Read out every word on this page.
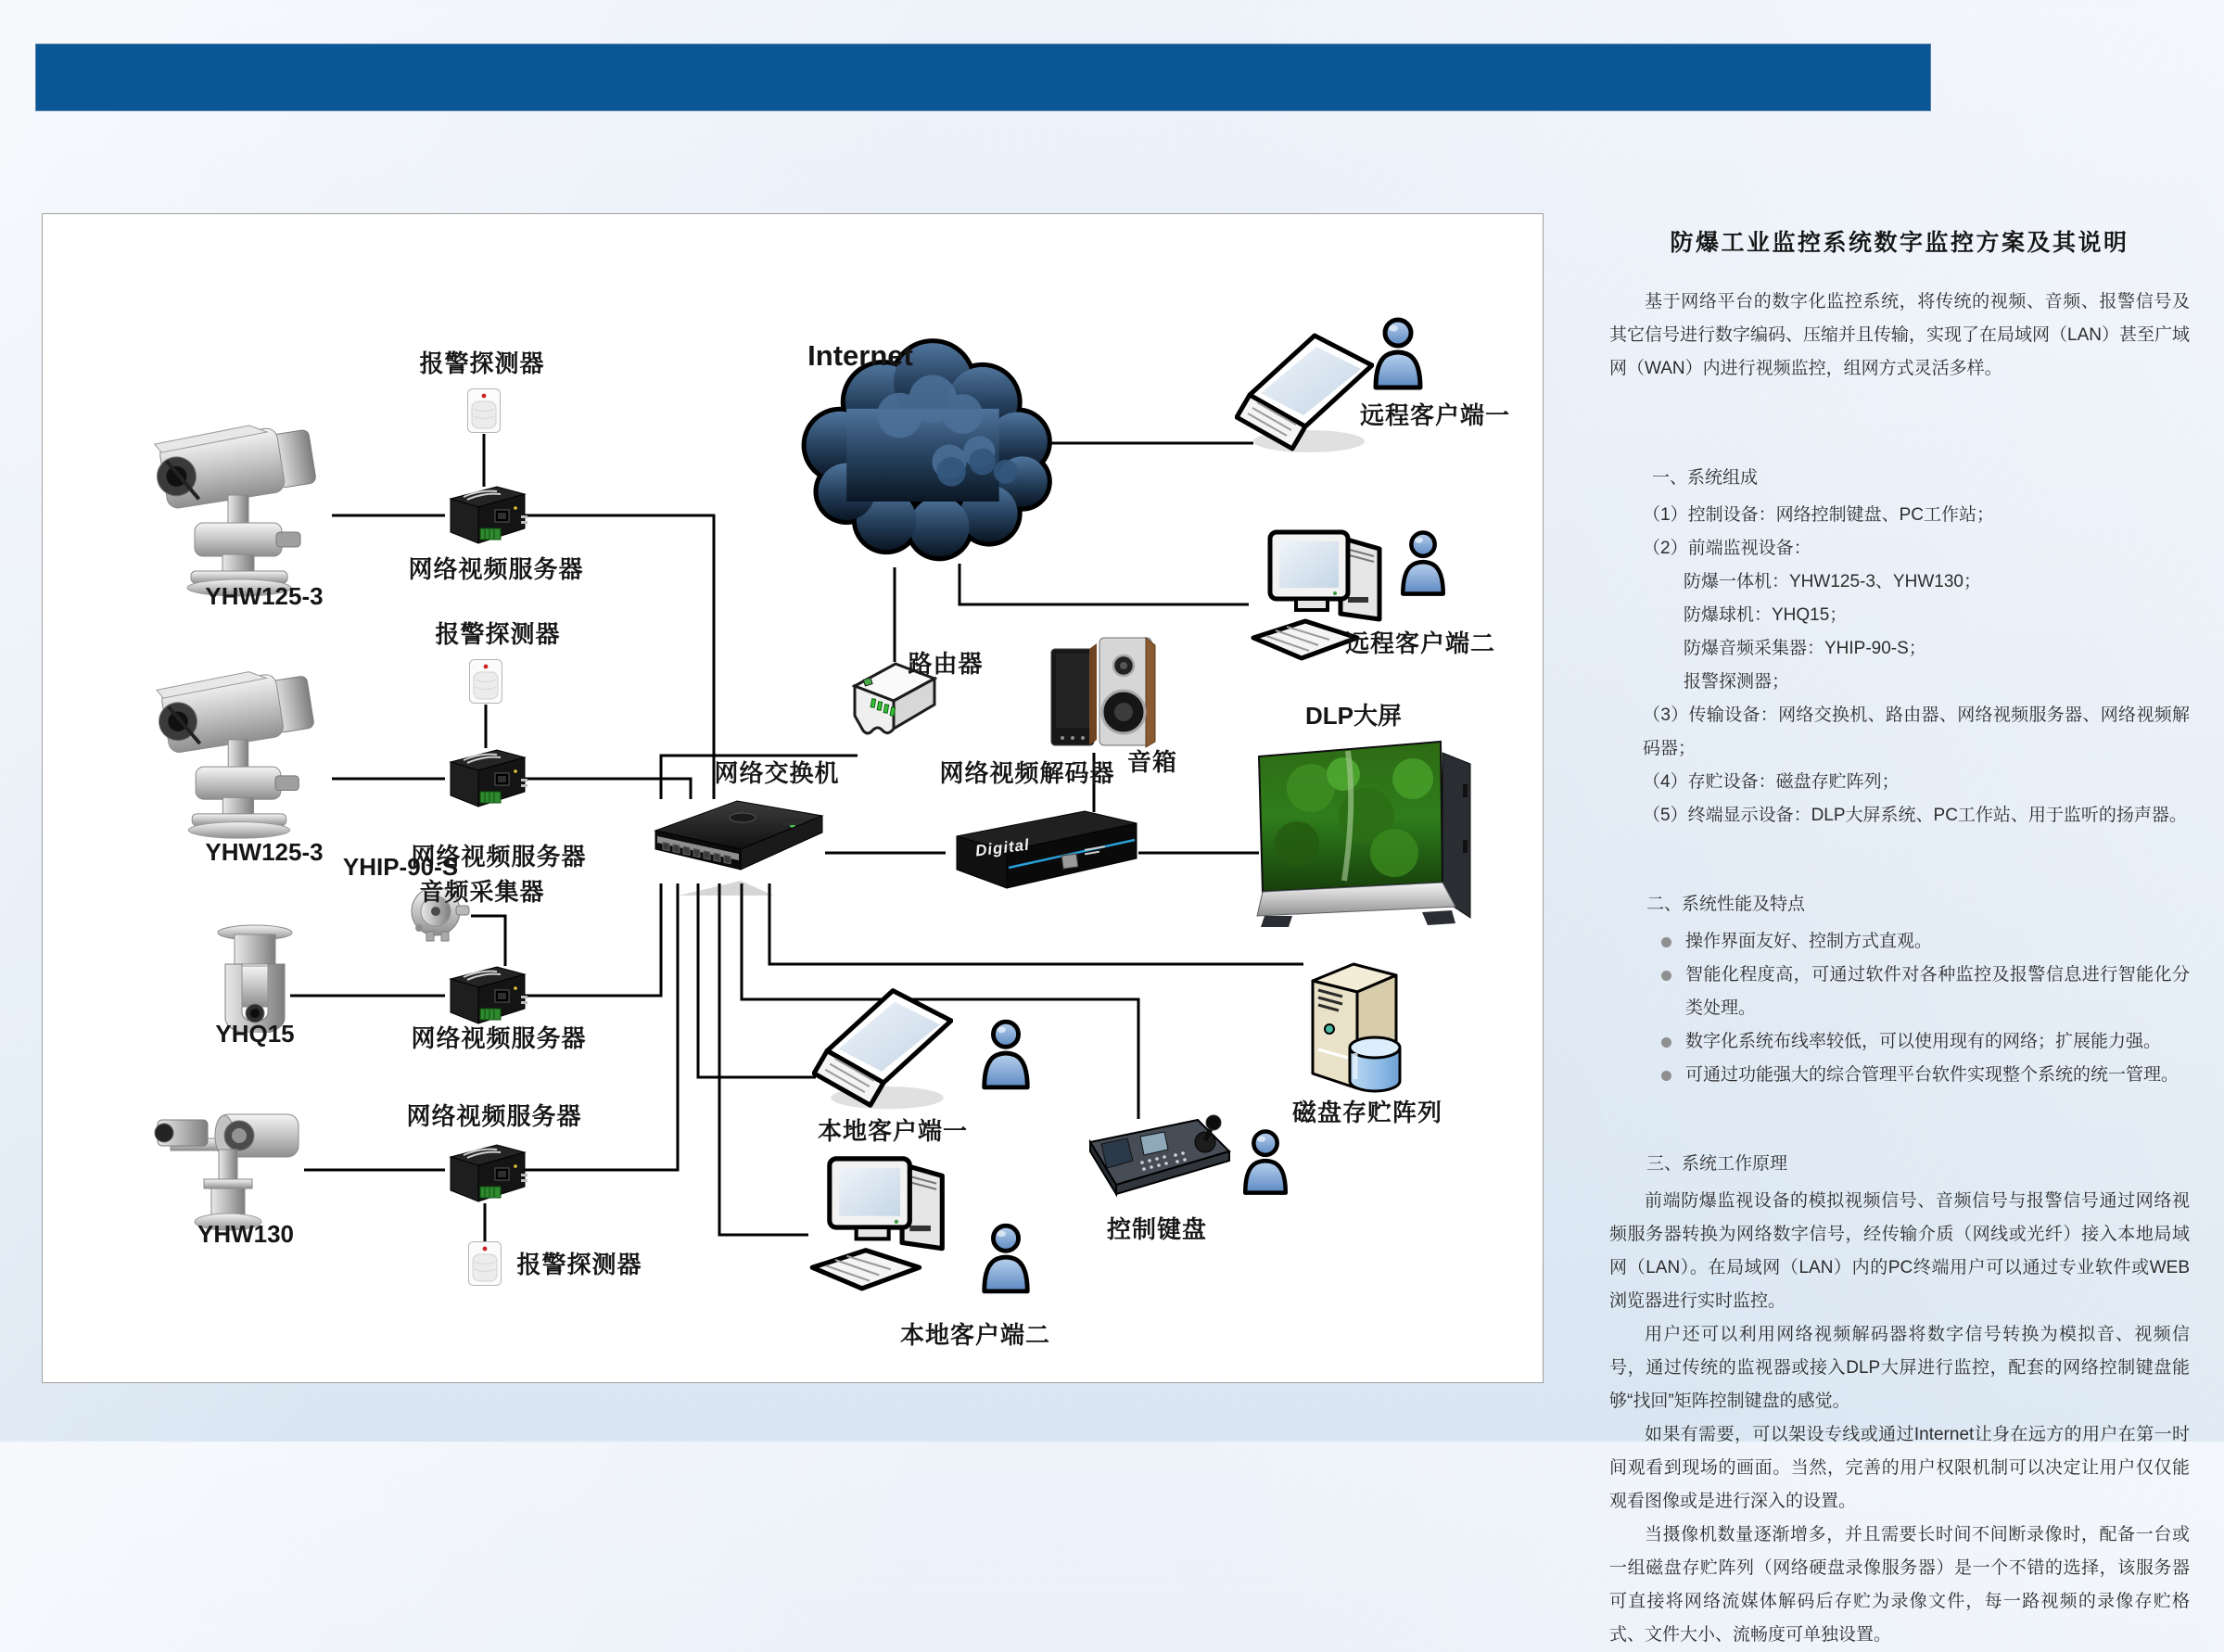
Digital
报警探测器
YHW125-3
网络视频服务器
报警探测器
YHW125-3	网络视频服务器
YHIP-90-S
音频采集器
YHQ15	网络视频服务器
网络视频服务器
YHW130
报警探测器
Internet
路由器
网络交换机	网络视频解码器 音箱
DLP大屏
远程客户端一
远程客户端二
本地客户端一
本地客户端二
控制键盘
磁盘存贮阵列
防爆工业监控系统数字监控方案及其说明

基于网络平台的数字化监控系统，将传统的视频、音频、报警信号及其它信号进行数字编码、压缩并且传输，实现了在局域网（LAN）甚至广域网（WAN）内进行视频监控，组网方式灵活多样。

一、系统组成
（1）控制设备：网络控制键盘、PC工作站；
（2）前端监视设备：
防爆一体机：YHW125-3、YHW130；
防爆球机：YHQ15；
防爆音频采集器：YHIP-90-S；
报警探测器；
（3）传输设备：网络交换机、路由器、网络视频服务器、网络视频解码器；
（4）存贮设备：磁盘存贮阵列；
（5）终端显示设备：DLP大屏系统、PC工作站、用于监听的扬声器。
二、系统性能及特点
操作界面友好、控制方式直观。
智能化程度高，可通过软件对各种监控及报警信息进行智能化分类处理。
数字化系统布线率较低，可以使用现有的网络；扩展能力强。
可通过功能强大的综合管理平台软件实现整个系统的统一管理。
三、系统工作原理

前端防爆监视设备的模拟视频信号、音频信号与报警信号通过网络视频服务器转换为网络数字信号，经传输介质（网线或光纤）接入本地局域网（LAN）。在局域网（LAN）内的PC终端用户可以通过专业软件或WEB浏览器进行实时监控。

用户还可以利用网络视频解码器将数字信号转换为模拟音、视频信号，通过传统的监视器或接入DLP大屏进行监控，配套的网络控制键盘能够“找回”矩阵控制键盘的感觉。

如果有需要，可以架设专线或通过Internet让身在远方的用户在第一时间观看到现场的画面。当然，完善的用户权限机制可以决定让用户仅仅能观看图像或是进行深入的设置。

当摄像机数量逐渐增多，并且需要长时间不间断录像时，配备一台或一组磁盘存贮阵列（网络硬盘录像服务器）是一个不错的选择，该服务器可直接将网络流媒体解码后存贮为录像文件，每一路视频的录像存贮格式、文件大小、流畅度可单独设置。
